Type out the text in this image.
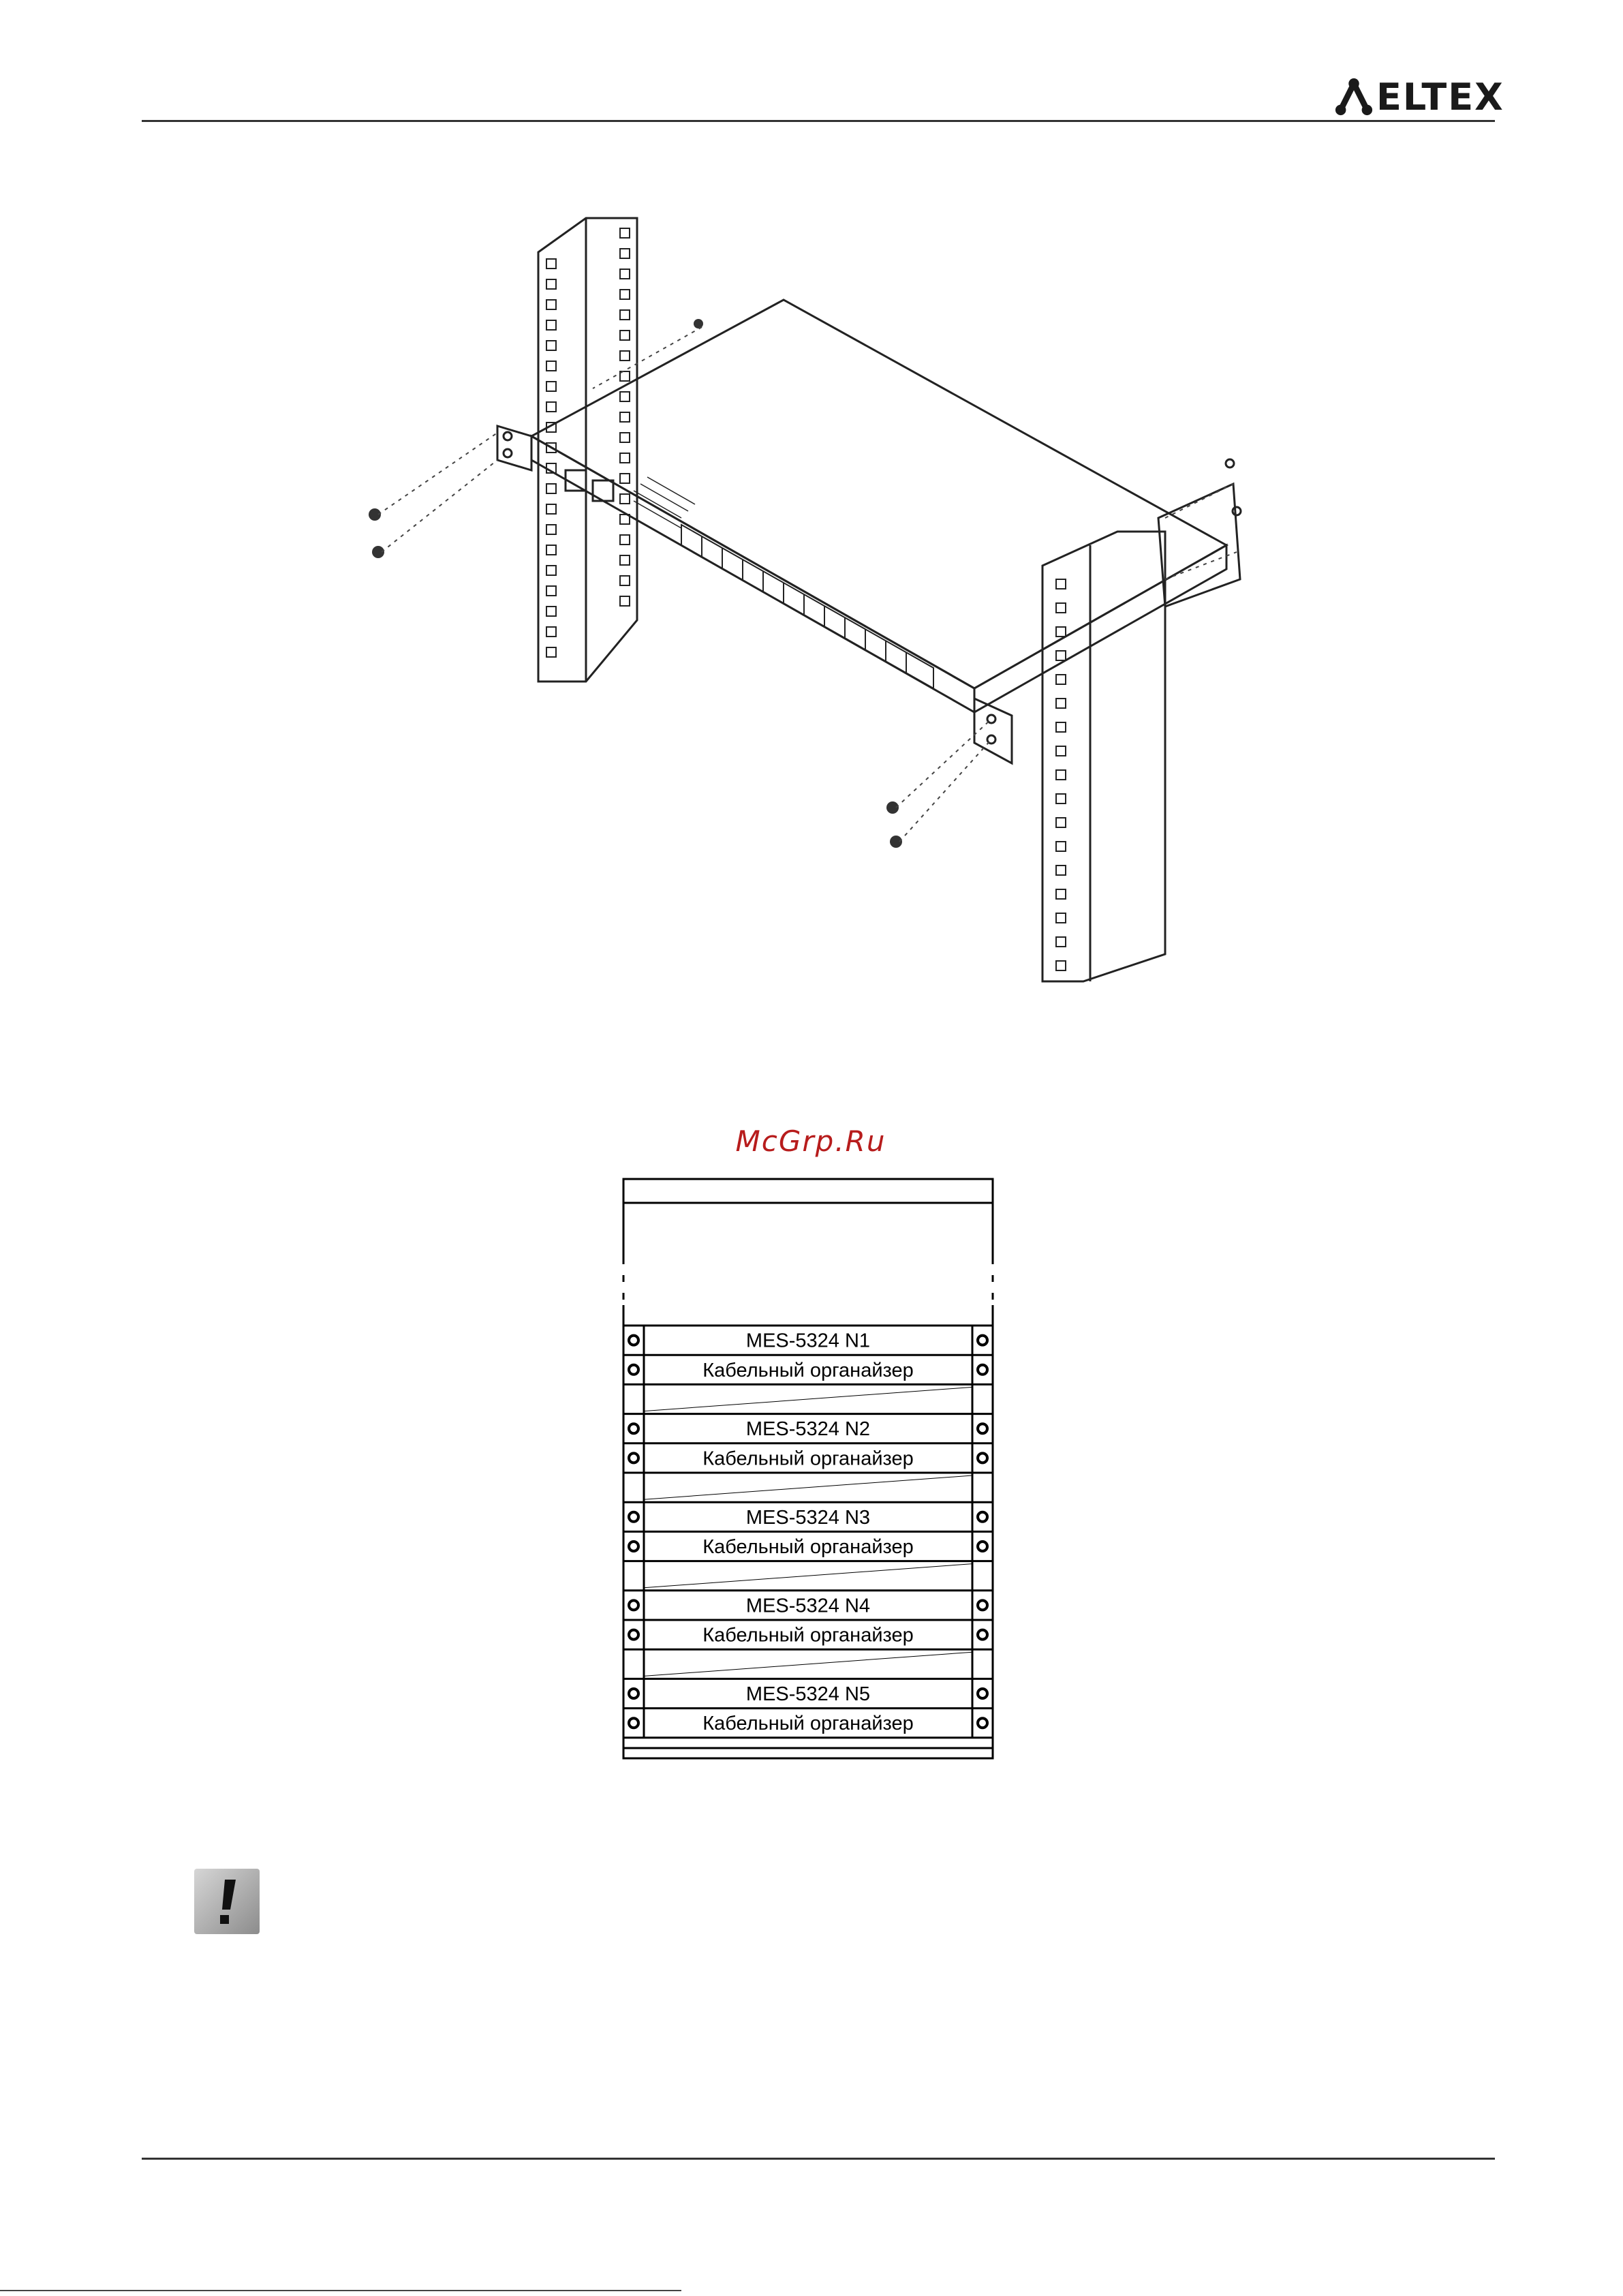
ELTEX
McGrp.Ru
MES-5324 N1
Кабельный органайзер
MES-5324 N2
Кабельный органайзер
MES-5324 N3
Кабельный органайзер
MES-5324 N4
Кабельный органайзер
MES-5324 N5
Кабельный органайзер
